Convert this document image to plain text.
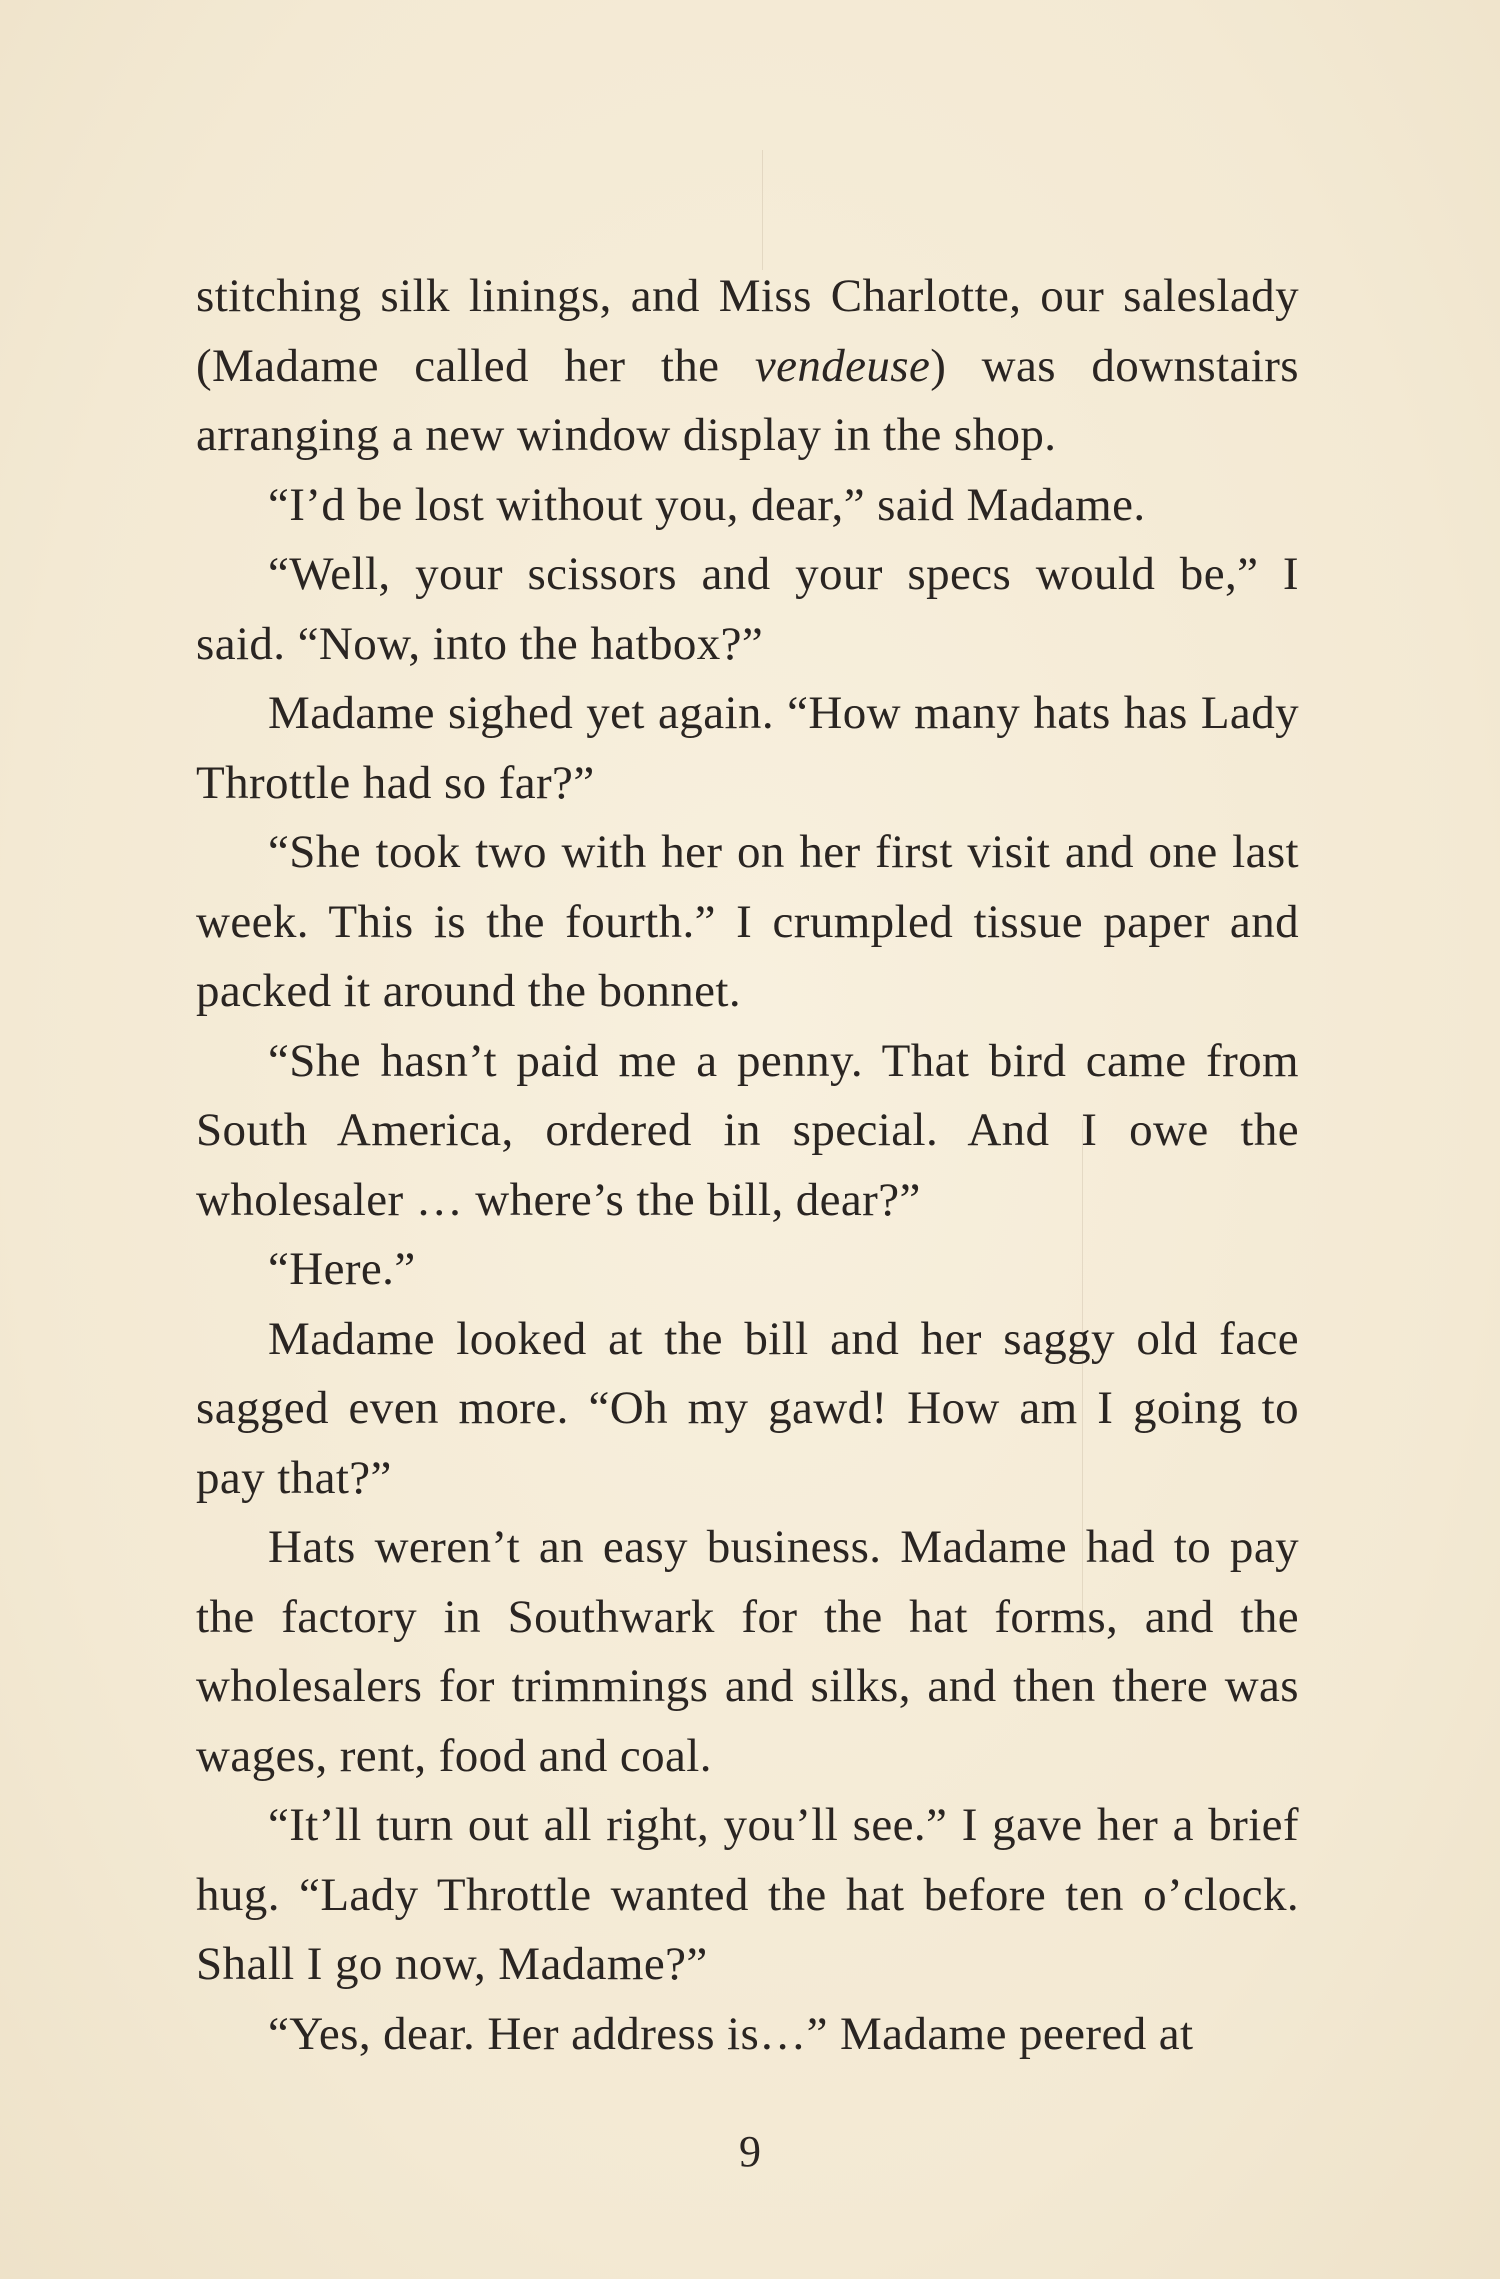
stitching silk linings, and Miss Charlotte, our saleslady (Madame called her the vendeuse) was downstairs arranging a new window display in the shop.

“I’d be lost without you, dear,” said Madame.

“Well, your scissors and your specs would be,” I said. “Now, into the hatbox?”

Madame sighed yet again. “How many hats has Lady Throttle had so far?”

“She took two with her on her first visit and one last week. This is the fourth.” I crumpled tissue paper and packed it around the bonnet.

“She hasn’t paid me a penny. That bird came from South America, ordered in special. And I owe the wholesaler … where’s the bill, dear?”

“Here.”

Madame looked at the bill and her saggy old face sagged even more. “Oh my gawd! How am I going to pay that?”

Hats weren’t an easy business. Madame had to pay the factory in Southwark for the hat forms, and the wholesalers for trimmings and silks, and then there was wages, rent, food and coal.

“It’ll turn out all right, you’ll see.” I gave her a brief hug. “Lady Throttle wanted the hat before ten o’clock. Shall I go now, Madame?”

“Yes, dear. Her address is…” Madame peered at

9
